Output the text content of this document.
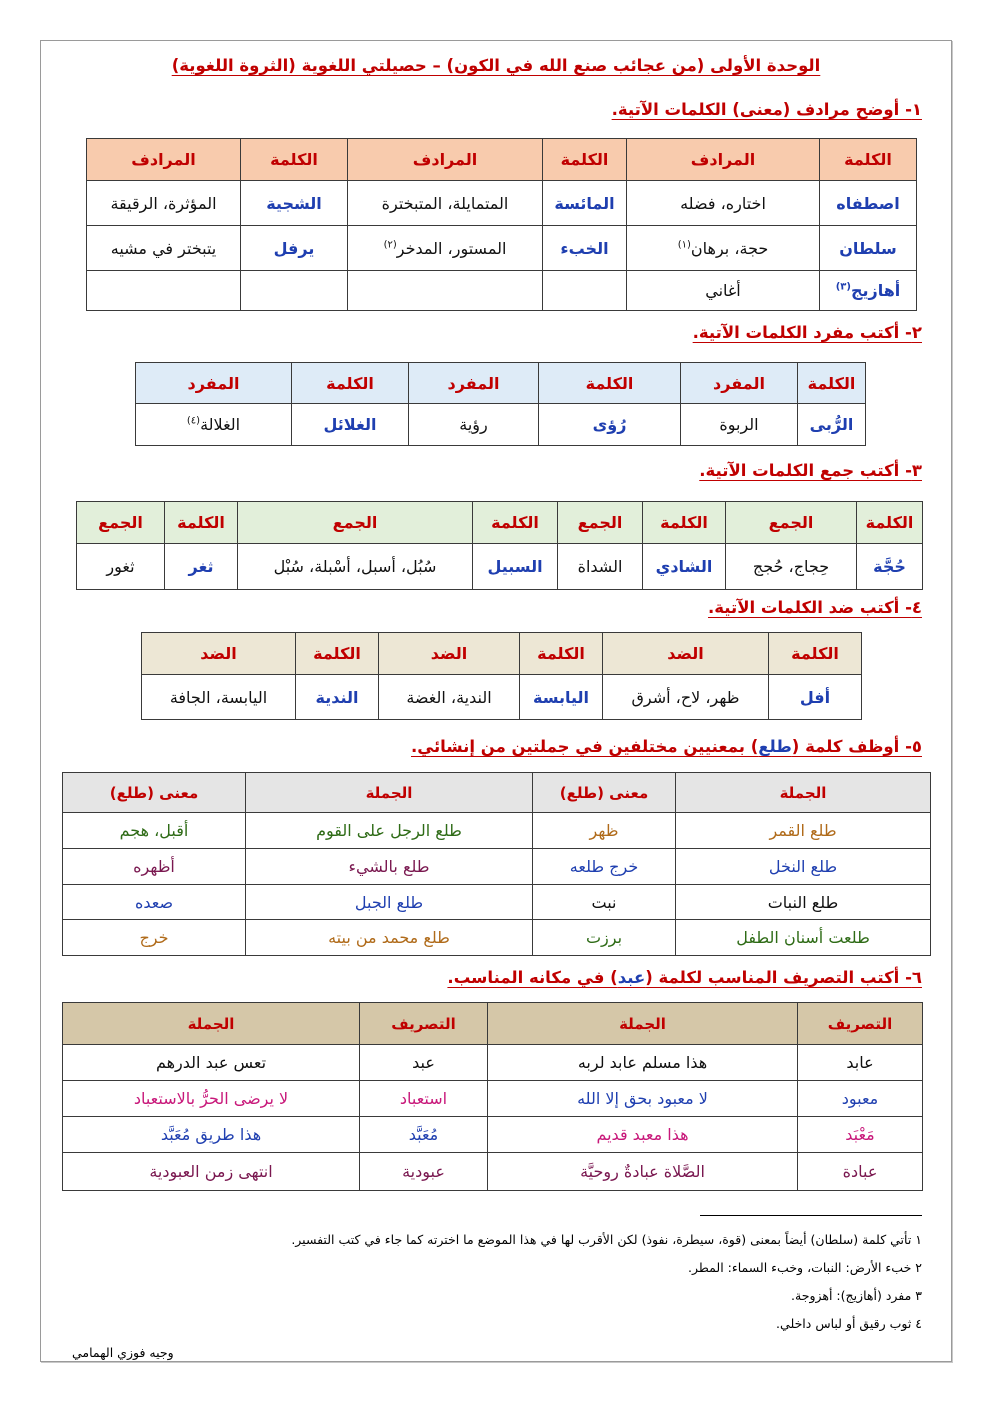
الوحدة الأولى (من عجائب صنع الله في الكون) – حصيلتي اللغوية (الثروة اللغوية)
١- أوضح مرادف (معنى) الكلمات الآتية.
الكلمة	المرادف	الكلمة	المرادف	الكلمة	المرادف
اصطفاه	اختاره، فضله	المائسة	المتمايلة، المتبخترة	الشجية	المؤثرة، الرقيقة
سلطان	حجة، برهان$^{(١)}$	الخبء	المستور، المدخر$^{(٢)}$	يرفل	يتبختر في مشيه
أهازيج$^{(٣)}$	أغاني				
٢- أكتب مفرد الكلمات الآتية.
الكلمة	المفرد	الكلمة	المفرد	الكلمة	المفرد
الرُّبى	الربوة	رُؤى	رؤية	الغلائل	الغلالة$^{(٤)}$
٣- أكتب جمع الكلمات الآتية.
الكلمة	الجمع	الكلمة	الجمع	الكلمة	الجمع	الكلمة	الجمع
حُجَّة	حِجاج، حُجج	الشادي	الشداة	السبيل	سُبُل، أسبل، أسْبلة، سُبْل	ثغر	ثغور
٤- أكتب ضد الكلمات الآتية.
الكلمة	الضد	الكلمة	الضد	الكلمة	الضد
أفل	ظهر، لاح، أشرق	اليابسة	الندية، الغضة	الندية	اليابسة، الجافة
٥- أوظف كلمة (طلع) بمعنيين مختلفين في جملتين من إنشائي.
الجملة	معنى (طلع)	الجملة	معنى (طلع)
طلع القمر	ظهر	طلع الرجل على القوم	أقبل، هجم
طلع النخل	خرج طلعه	طلع بالشيء	أظهره
طلع النبات	نبت	طلع الجبل	صعده
طلعت أسنان الطفل	برزت	طلع محمد من بيته	خرج
٦- أكتب التصريف المناسب لكلمة (عبد) في مكانه المناسب.
التصريف	الجملة	التصريف	الجملة
عابد	هذا مسلم عابد لربه	عبد	تعس عبد الدرهم
معبود	لا معبود بحق إلا الله	استعباد	لا يرضى الحرُّ بالاستعباد
مَعْبَد	هذا معبد قديم	مُعَبَّد	هذا طريق مُعَبَّد
عبادة	الصَّلاة عبادةٌ روحيَّة	عبودية	انتهى زمن العبودية
١ تأتي كلمة (سلطان) أيضاً بمعنى (قوة، سيطرة، نفوذ) لكن الأقرب لها في هذا الموضع ما اخترته كما جاء في كتب التفسير.
٢ خبء الأرض: النبات، وخبء السماء: المطر.
٣ مفرد (أهازيج): أهزوجة.
٤ ثوب رقيق أو لباس داخلي.
وجيه فوزي الهمامي
